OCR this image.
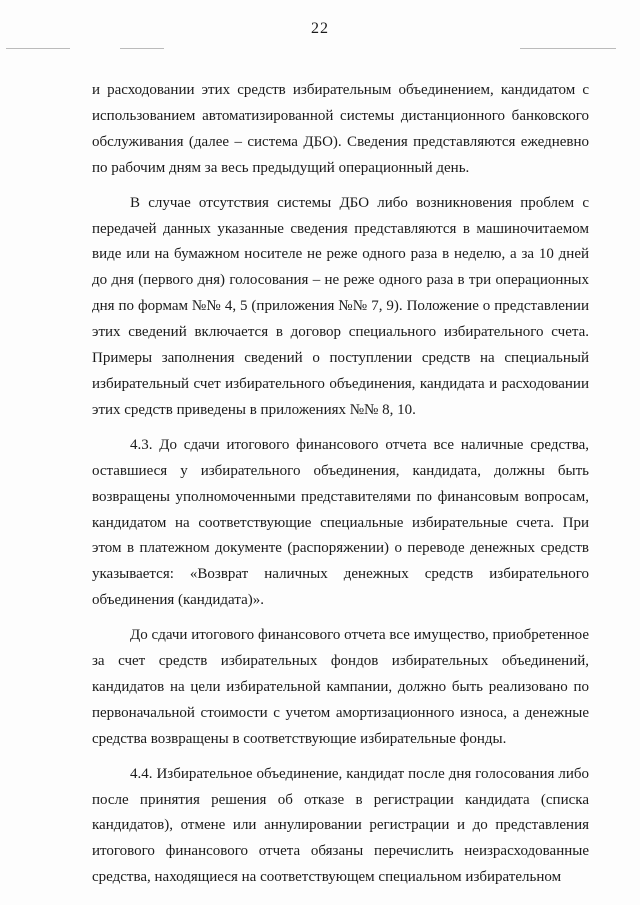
22

и расходовании этих средств избирательным объединением, кандидатом с использованием автоматизированной системы дистанционного банковского обслуживания (далее – система ДБО). Сведения представляются ежедневно по рабочим дням за весь предыдущий операционный день.

В случае отсутствия системы ДБО либо возникновения проблем с передачей данных указанные сведения представляются в машиночитаемом виде или на бумажном носителе не реже одного раза в неделю, а за 10 дней до дня (первого дня) голосования – не реже одного раза в три операционных дня по формам №№ 4, 5 (приложения №№ 7, 9). Положение о представлении этих сведений включается в договор специального избирательного счета. Примеры заполнения сведений о поступлении средств на специальный избирательный счет избирательного объединения, кандидата и расходовании этих средств приведены в приложениях №№ 8, 10.

4.3. До сдачи итогового финансового отчета все наличные средства, оставшиеся у избирательного объединения, кандидата, должны быть возвращены уполномоченными представителями по финансовым вопросам, кандидатом на соответствующие специальные избирательные счета. При этом в платежном документе (распоряжении) о переводе денежных средств указывается: «Возврат наличных денежных средств избирательного объединения (кандидата)».

До сдачи итогового финансового отчета все имущество, приобретенное за счет средств избирательных фондов избирательных объединений, кандидатов на цели избирательной кампании, должно быть реализовано по первоначальной стоимости с учетом амортизационного износа, а денежные средства возвращены в соответствующие избирательные фонды.

4.4. Избирательное объединение, кандидат после дня голосования либо после принятия решения об отказе в регистрации кандидата (списка кандидатов), отмене или аннулировании регистрации и до представления итогового финансового отчета обязаны перечислить неизрасходованные средства, находящиеся на соответствующем специальном избирательном
